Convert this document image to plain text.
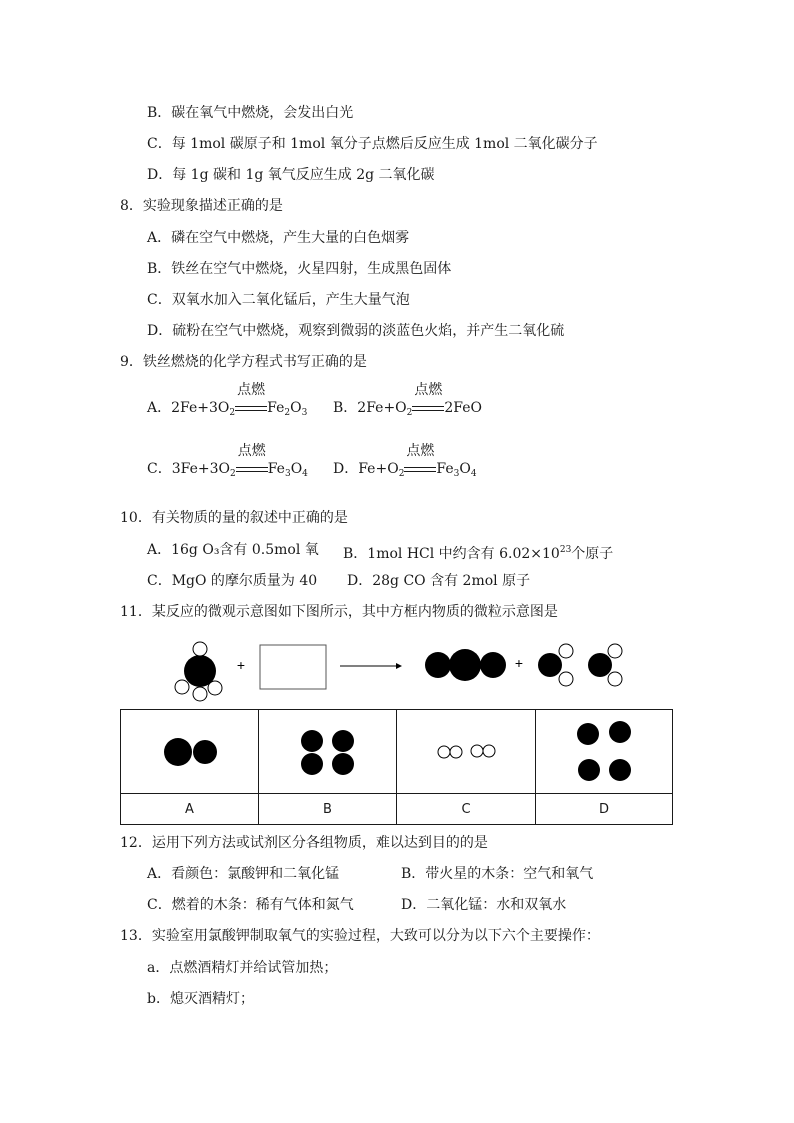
B．碳在氧气中燃烧，会发出白光
C．每 1mol 碳原子和 1mol 氧分子点燃后反应生成 1mol 二氧化碳分子
D．每 1g 碳和 1g 氧气反应生成 2g 二氧化碳
8．实验现象描述正确的是
A．磷在空气中燃烧，产生大量的白色烟雾
B．铁丝在空气中燃烧，火星四射，生成黑色固体
C．双氧水加入二氧化锰后，产生大量气泡
D．硫粉在空气中燃烧，观察到微弱的淡蓝色火焰，并产生二氧化硫
9．铁丝燃烧的化学方程式书写正确的是
A．$2Fe+3O_2$
点燃
$Fe_2O_3$ B．$2Fe+O_2$
点燃
2FeO
C．$3Fe+3O_2$
点燃
$Fe_3O_4$ D．$Fe+O_2$
点燃
$Fe_3O_4$
10．有关物质的量的叙述中正确的是
A．16g O₃含有 0.5mol 氧 B．1mol HCl 中约含有 $6.02\times 10^{23}$个原子
C．MgO 的摩尔质量为 40 D．28g CO 含有 2mol 原子
11．某反应的微观示意图如下图所示，其中方框内物质的微粒示意图是
+	+
A	B	C	D
12．运用下列方法或试剂区分各组物质，难以达到目的的是
A．看颜色：氯酸钾和二氧化锰	B．带火星的木条：空气和氧气
C．燃着的木条：稀有气体和氮气	D．二氧化锰：水和双氧水
13．实验室用氯酸钾制取氧气的实验过程，大致可以分为以下六个主要操作：
a．点燃酒精灯并给试管加热；
b．熄灭酒精灯；
